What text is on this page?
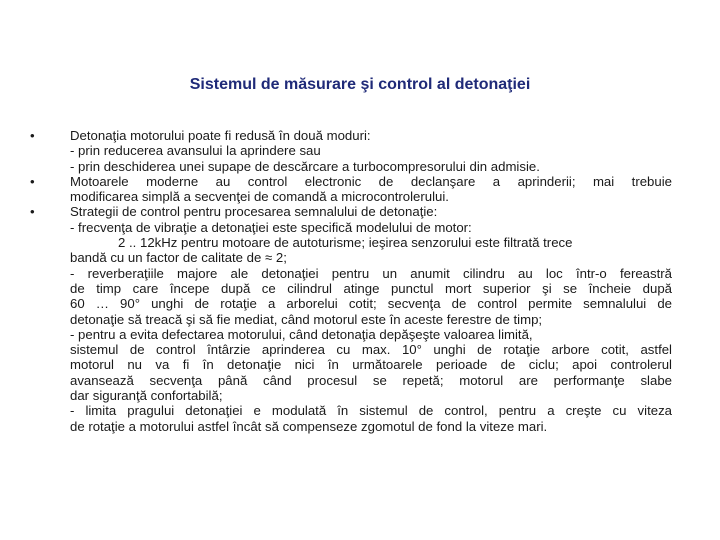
Sistemul de măsurare şi control al detonaţiei
•	Detonaţia motorului poate fi redusă în două moduri:
- prin reducerea avansului la aprindere sau
- prin deschiderea unei supape de descărcare a turbocompresorului din admisie.
•	Motoarele moderne au control electronic de declanşare a aprinderii; mai trebuie
modificarea simplă a secvenţei de comandă a microcontrolerului.
•	Strategii de control pentru procesarea semnalului de detonaţie:
- frecvenţa de vibraţie a detonaţiei este specifică modelului de motor:
2 .. 12kHz pentru motoare de autoturisme; ieşirea senzorului este filtrată trece
bandă cu un factor de calitate de ≈ 2;
- reverberaţiile majore ale detonaţiei pentru un anumit cilindru au loc într-o fereastră
de timp care începe după ce cilindrul atinge punctul mort superior şi se încheie după
60 … 90° unghi de rotaţie a arborelui cotit; secvenţa de control permite semnalului de
detonaţie să treacă şi să fie mediat, când motorul este în aceste ferestre de timp;
- pentru a evita defectarea motorului, când detonaţia depăşeşte valoarea limită,
sistemul de control întârzie aprinderea cu max. 10° unghi de rotaţie arbore cotit, astfel
motorul nu va fi în detonaţie nici în următoarele perioade de ciclu; apoi controlerul
avansează secvenţa până când procesul se repetă; motorul are performanţe slabe
dar siguranţă confortabilă;
- limita pragului detonaţiei e modulată în sistemul de control, pentru a creşte cu viteza
de rotaţie a motorului astfel încât să compenseze zgomotul de fond la viteze mari.
